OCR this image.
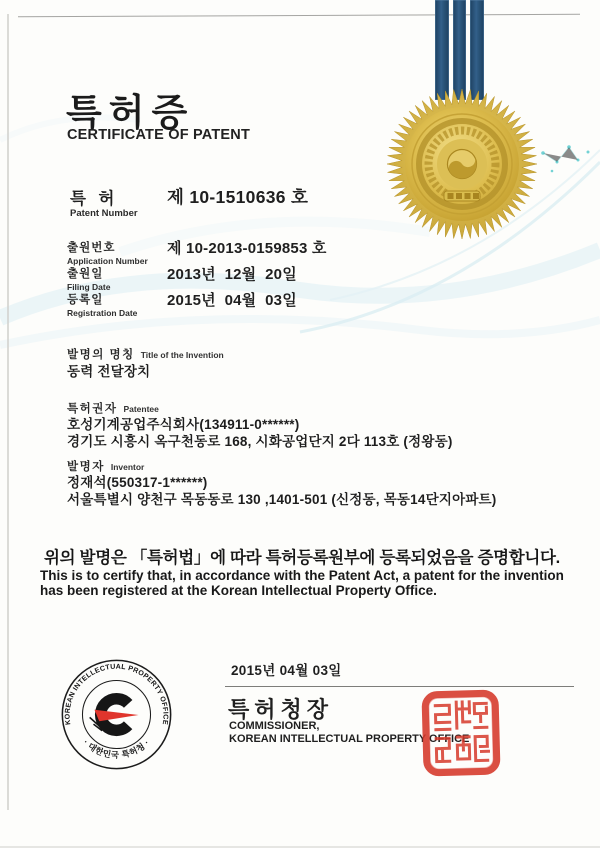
특허증
CERTIFICATE OF PATENT
특 허
Patent Number
제 10-1510636 호
출원번호
Application Number
제 10-2013-0159853 호
출원일
Filing Date
2013년  12월  20일
등록일
Registration Date
2015년  04월  03일
발명의 명칭 Title of the Invention
동력 전달장치
특허권자 Patentee
호성기계공업주식회사(134911-0******)
경기도 시흥시 옥구천동로 168, 시화공업단지 2다 113호 (정왕동)
발명자 Inventor
정재석(550317-1******)
서울특별시 양천구 목동동로 130 ,1401-501 (신정동, 목동14단지아파트)
위의 발명은 「특허법」에 따라 특허등록원부에 등록되었음을 증명합니다.
This is to certify that, in accordance with the Patent Act, a patent for the invention
has been registered at the Korean Intellectual Property Office.
2015년 04월 03일
특허청장
COMMISSIONER,
KOREAN INTELLECTUAL PROPERTY OFFICE
KOREAN INTELLECTUAL PROPERTY OFFICE
· 대한민국 특허청 ·
